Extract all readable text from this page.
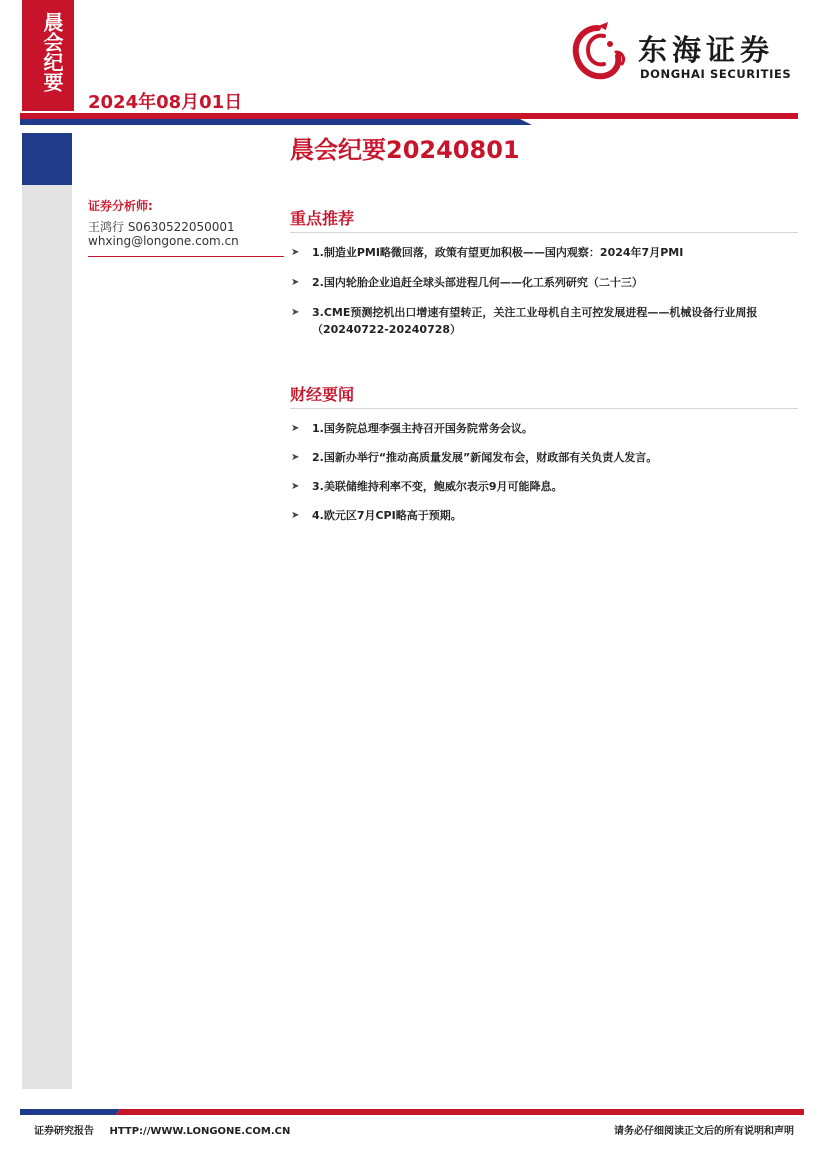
晨会纪要
2024年08月01日
东海证券
DONGHAI SECURITIES
晨会纪要20240801
证券分析师:
王鸿行 S0630522050001
whxing@longone.com.cn
重点推荐
➤ 1.制造业PMI略微回落，政策有望更加积极——国内观察：2024年7月PMI
➤ 2.国内轮胎企业追赶全球头部进程几何——化工系列研究（二十三）
➤ 3.CME预测挖机出口增速有望转正，关注工业母机自主可控发展进程——机械设备行业周报（20240722-20240728）
财经要闻
➤ 1.国务院总理李强主持召开国务院常务会议。
➤ 2.国新办举行“推动高质量发展”新闻发布会，财政部有关负责人发言。
➤ 3.美联储维持利率不变，鲍威尔表示9月可能降息。
➤ 4.欧元区7月CPI略高于预期。
证券研究报告 HTTP://WWW.LONGONE.COM.CN	请务必仔细阅读正文后的所有说明和声明
